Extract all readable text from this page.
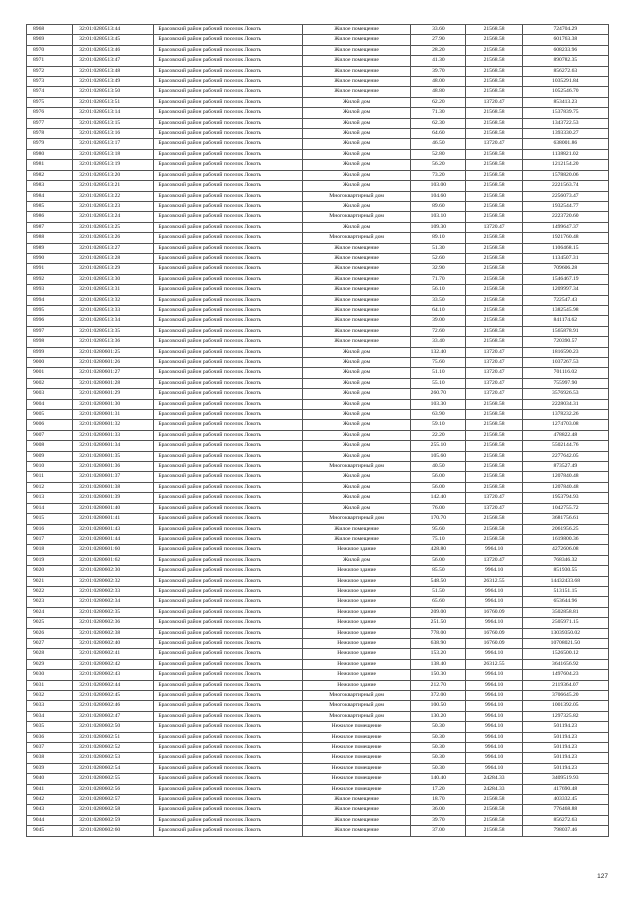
8968	32:01:0280513:44	Брасовский район рабочий поселок Локоть	Жилое помещение	33.60	21568.58	724704.29
8969	32:01:0280513:45	Брасовский район рабочий поселок Локоть	Жилое помещение	27.90	21568.58	601763.38
8970	32:01:0280513:46	Брасовский район рабочий поселок Локоть	Жилое помещение	28.20	21568.58	608233.96
8971	32:01:0280513:47	Брасовский район рабочий поселок Локоть	Жилое помещение	41.30	21568.58	890782.35
8972	32:01:0280513:48	Брасовский район рабочий поселок Локоть	Жилое помещение	39.70	21568.58	856272.63
8973	32:01:0280513:49	Брасовский район рабочий поселок Локоть	Жилое помещение	48.00	21568.58	1035291.84
8974	32:01:0280513:50	Брасовский район рабочий поселок Локоть	Жилое помещение	48.80	21568.58	1052546.70
8975	32:01:0280513:51	Брасовский район рабочий поселок Локоть	Жилой дом	62.20	13720.47	853413.23
8976	32:01:0280513:14	Брасовский район рабочий поселок Локоть	Жилой дом	71.30	21568.58	1537839.75
8977	32:01:0280513:15	Брасовский район рабочий поселок Локоть	Жилой дом	62.30	21568.58	1343722.53
8978	32:01:0280513:16	Брасовский район рабочий поселок Локоть	Жилой дом	64.60	21568.58	1393330.27
8979	32:01:0280513:17	Брасовский район рабочий поселок Локоть	Жилой дом	46.50	13720.47	638001.86
8980	32:01:0280513:18	Брасовский район рабочий поселок Локоть	Жилой дом	52.80	21568.58	1138821.02
8981	32:01:0280513:19	Брасовский район рабочий поселок Локоть	Жилой дом	56.20	21568.58	1212154.20
8982	32:01:0280513:20	Брасовский район рабочий поселок Локоть	Жилой дом	73.20	21568.58	1578820.06
8983	32:01:0280513:21	Брасовский район рабочий поселок Локоть	Жилой дом	103.00	21568.58	2221563.74
8984	32:01:0280513:22	Брасовский район рабочий поселок Локоть	Многоквартирный дом	104.60	21568.58	2256073.47
8985	32:01:0280513:23	Брасовский район рабочий поселок Локоть	Жилой дом	89.60	21568.58	1932544.77
8986	32:01:0280513:24	Брасовский район рабочий поселок Локоть	Многоквартирный дом	103.10	21568.58	2223720.60
8987	32:01:0280513:25	Брасовский район рабочий поселок Локоть	Жилой дом	109.30	13720.47	1499647.37
8988	32:01:0280513:26	Брасовский район рабочий поселок Локоть	Многоквартирный дом	89.10	21568.58	1921760.48
8989	32:01:0280513:27	Брасовский район рабочий поселок Локоть	Жилое помещение	51.30	21568.58	1106468.15
8990	32:01:0280513:28	Брасовский район рабочий поселок Локоть	Жилое помещение	52.60	21568.58	1134507.31
8991	32:01:0280513:29	Брасовский район рабочий поселок Локоть	Жилое помещение	32.90	21568.58	709606.28
8992	32:01:0280513:30	Брасовский район рабочий поселок Локоть	Жилое помещение	71.70	21568.58	1546467.19
8993	32:01:0280513:31	Брасовский район рабочий поселок Локоть	Жилое помещение	56.10	21568.58	1209997.34
8994	32:01:0280513:32	Брасовский район рабочий поселок Локоть	Жилое помещение	33.50	21568.58	722547.43
8995	32:01:0280513:33	Брасовский район рабочий поселок Локоть	Жилое помещение	64.10	21568.58	1382545.98
8996	32:01:0280513:34	Брасовский район рабочий поселок Локоть	Жилое помещение	39.00	21568.58	841174.62
8997	32:01:0280513:35	Брасовский район рабочий поселок Локоть	Жилое помещение	72.60	21568.58	1565878.91
8998	32:01:0280513:36	Брасовский район рабочий поселок Локоть	Жилое помещение	33.40	21568.58	720390.57
8999	32:01:0280601:25	Брасовский район рабочий поселок Локоть	Жилой дом	132.40	13720.47	1816590.23
9000	32:01:0280601:26	Брасовский район рабочий поселок Локоть	Жилой дом	75.60	13720.47	1037267.53
9001	32:01:0280601:27	Брасовский район рабочий поселок Локоть	Жилой дом	51.10	13720.47	701116.02
9002	32:01:0280601:28	Брасовский район рабочий поселок Локоть	Жилой дом	55.10	13720.47	755997.90
9003	32:01:0280601:29	Брасовский район рабочий поселок Локоть	Жилой дом	260.70	13720.47	3576926.53
9004	32:01:0280601:30	Брасовский район рабочий поселок Локоть	Жилой дом	103.30	21568.58	2228034.31
9005	32:01:0280601:31	Брасовский район рабочий поселок Локоть	Жилой дом	63.90	21568.58	1378232.26
9006	32:01:0280601:32	Брасовский район рабочий поселок Локоть	Жилой дом	59.10	21568.58	1274703.08
9007	32:01:0280601:33	Брасовский район рабочий поселок Локоть	Жилой дом	22.20	21568.58	478822.48
9008	32:01:0280601:34	Брасовский район рабочий поселок Локоть	Жилой дом	255.10	21568.58	5502144.76
9009	32:01:0280601:35	Брасовский район рабочий поселок Локоть	Жилой дом	105.60	21568.58	2277642.05
9010	32:01:0280601:36	Брасовский район рабочий поселок Локоть	Многоквартирный дом	40.50	21568.58	873527.49
9011	32:01:0280601:37	Брасовский район рабочий поселок Локоть	Жилой дом	56.00	21568.58	1207840.48
9012	32:01:0280601:38	Брасовский район рабочий поселок Локоть	Жилой дом	56.00	21568.58	1207840.48
9013	32:01:0280601:39	Брасовский район рабочий поселок Локоть	Жилой дом	142.40	13720.47	1953794.93
9014	32:01:0280601:40	Брасовский район рабочий поселок Локоть	Жилой дом	76.00	13720.47	1042755.72
9015	32:01:0280601:41	Брасовский район рабочий поселок Локоть	Многоквартирный дом	170.70	21568.58	3681756.61
9016	32:01:0280601:43	Брасовский район рабочий поселок Локоть	Жилое помещение	95.60	21568.58	2061956.25
9017	32:01:0280601:44	Брасовский район рабочий поселок Локоть	Жилое помещение	75.10	21568.58	1619800.36
9018	32:01:0280601:60	Брасовский район рабочий поселок Локоть	Нежилое здание	428.80	9964.10	4272606.08
9019	32:01:0280601:62	Брасовский район рабочий поселок Локоть	Жилой дом	56.00	13720.47	768346.32
9020	32:01:0280602:30	Брасовский район рабочий поселок Локоть	Нежилое здание	85.50	9964.10	851930.55
9021	32:01:0280602:32	Брасовский район рабочий поселок Локоть	Нежилое здание	548.50	26312.55	14432433.68
9022	32:01:0280602:33	Брасовский район рабочий поселок Локоть	Нежилое здание	51.50	9964.10	513151.15
9023	32:01:0280602:34	Брасовский район рабочий поселок Локоть	Нежилое здание	65.60	9964.10	653644.96
9024	32:01:0280602:35	Брасовский район рабочий поселок Локоть	Нежилое здание	209.00	16760.09	3502858.81
9025	32:01:0280602:36	Брасовский район рабочий поселок Локоть	Нежилое здание	251.50	9964.10	2505971.15
9026	32:01:0280602:38	Брасовский район рабочий поселок Локоть	Нежилое здание	778.00	16760.09	13039350.02
9027	32:01:0280602:40	Брасовский район рабочий поселок Локоть	Нежилое здание	638.90	16760.09	10708021.50
9028	32:01:0280602:41	Брасовский район рабочий поселок Локоть	Нежилое здание	153.20	9964.10	1526500.12
9029	32:01:0280602:42	Брасовский район рабочий поселок Локоть	Нежилое здание	138.40	26312.55	3641656.92
9030	32:01:0280602:43	Брасовский район рабочий поселок Локоть	Нежилое здание	150.30	9964.10	1497604.23
9031	32:01:0280602:44	Брасовский район рабочий поселок Локоть	Нежилое здание	212.70	9964.10	2119364.07
9032	32:01:0280602:45	Брасовский район рабочий поселок Локоть	Многоквартирный дом	372.00	9964.10	3706645.20
9033	32:01:0280602:46	Брасовский район рабочий поселок Локоть	Многоквартирный дом	100.50	9964.10	1001392.05
9034	32:01:0280602:47	Брасовский район рабочий поселок Локоть	Многоквартирный дом	130.20	9964.10	1297325.82
9035	32:01:0280602:50	Брасовский район рабочий поселок Локоть	Нежилое помещение	50.30	9964.10	501194.23
9036	32:01:0280602:51	Брасовский район рабочий поселок Локоть	Нежилое помещение	50.30	9964.10	501194.23
9037	32:01:0280602:52	Брасовский район рабочий поселок Локоть	Нежилое помещение	50.30	9964.10	501194.23
9038	32:01:0280602:53	Брасовский район рабочий поселок Локоть	Нежилое помещение	50.30	9964.10	501194.23
9039	32:01:0280602:54	Брасовский район рабочий поселок Локоть	Нежилое помещение	50.30	9964.10	501194.23
9040	32:01:0280602:55	Брасовский район рабочий поселок Локоть	Нежилое помещение	140.40	24284.33	3409519.93
9041	32:01:0280602:56	Брасовский район рабочий поселок Локоть	Нежилое помещение	17.20	24284.33	417690.48
9042	32:01:0280602:57	Брасовский район рабочий поселок Локоть	Жилое помещение	18.70	21568.58	403332.45
9043	32:01:0280602:58	Брасовский район рабочий поселок Локоть	Жилое помещение	36.00	21568.58	776468.88
9044	32:01:0280602:59	Брасовский район рабочий поселок Локоть	Жилое помещение	39.70	21568.58	856272.63
9045	32:01:0280602:60	Брасовский район рабочий поселок Локоть	Жилое помещение	37.00	21568.58	798037.46
127
